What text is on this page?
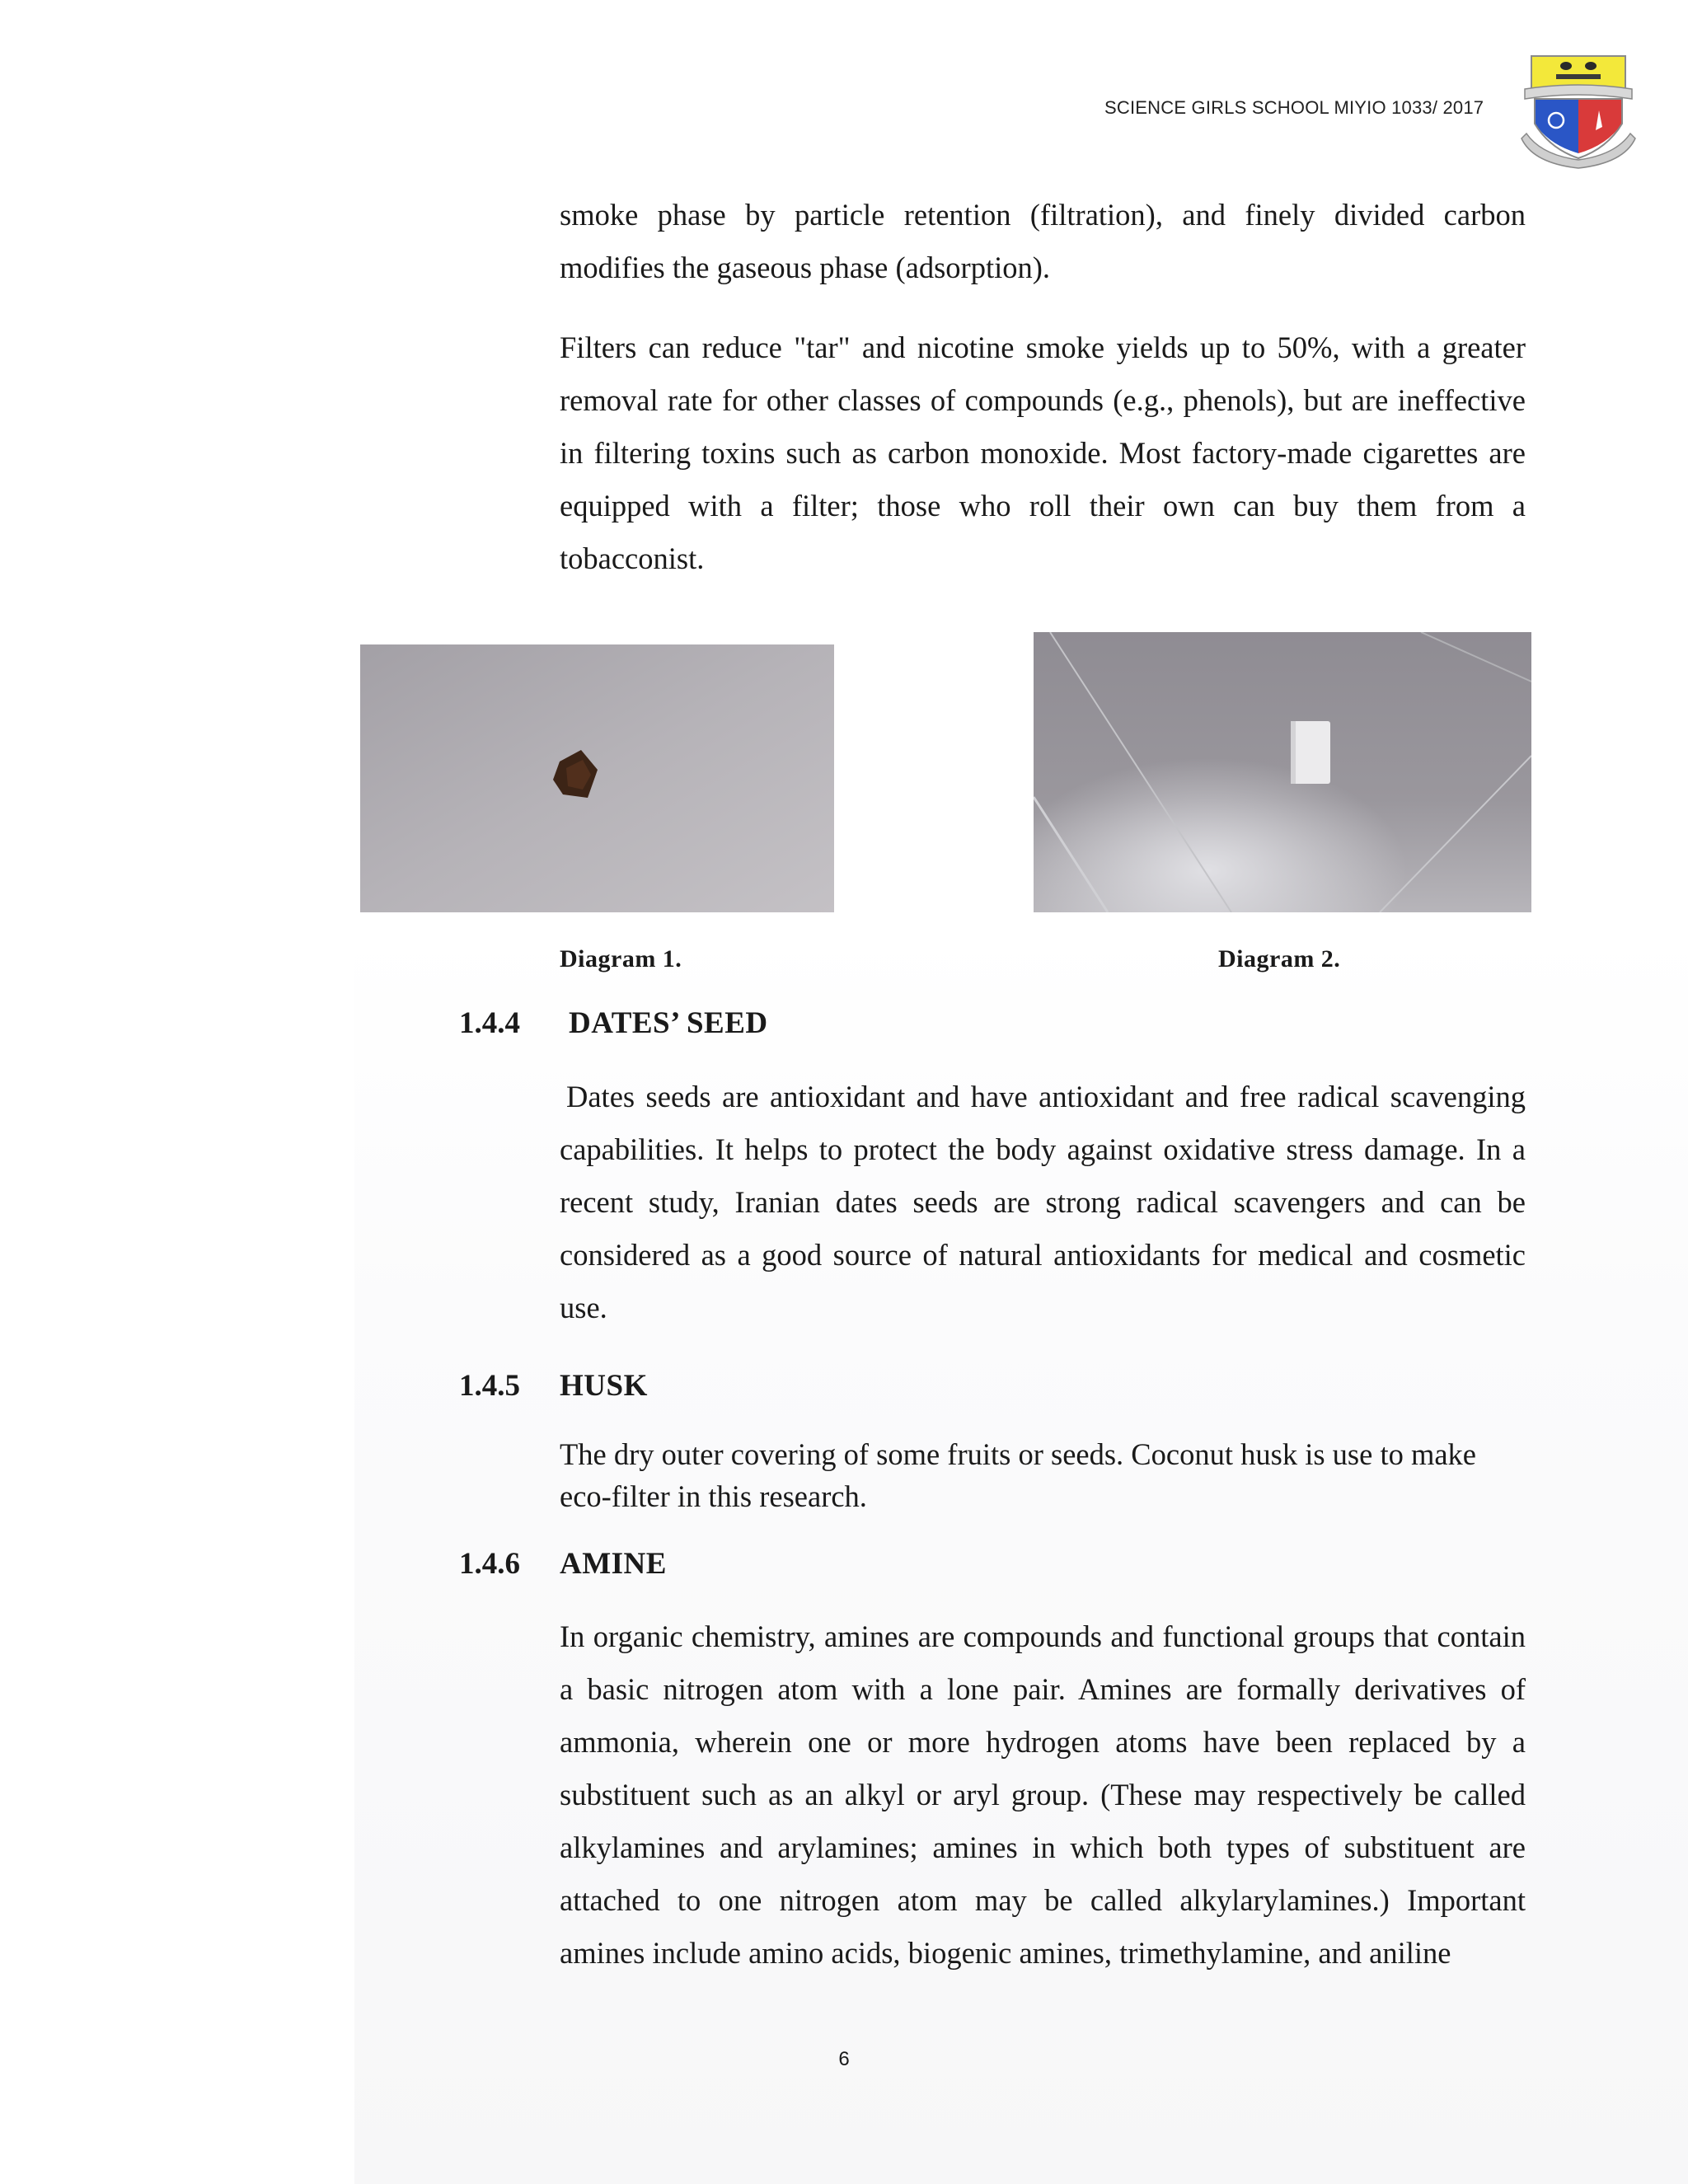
SCIENCE GIRLS SCHOOL MIYIO 1033/ 2017
smoke phase by particle retention (filtration), and finely divided carbon modifies the gaseous phase (adsorption).
Filters can reduce "tar" and nicotine smoke yields up to 50%, with a greater removal rate for other classes of compounds (e.g., phenols), but are ineffective in filtering toxins such as carbon monoxide. Most factory-made cigarettes are equipped with a filter; those who roll their own can buy them from a tobacconist.
Diagram 1.	Diagram 2.
1.4.4 DATES’ SEED
Dates seeds are antioxidant and have antioxidant and free radical scavenging capabilities. It helps to protect the body against oxidative stress damage. In a recent study, Iranian dates seeds are strong radical scavengers and can be considered as a good source of natural antioxidants for medical and cosmetic use.
1.4.5 HUSK
The dry outer covering of some fruits or seeds. Coconut husk is use to make eco-filter in this research.
1.4.6 AMINE
In organic chemistry, amines are compounds and functional groups that contain a basic nitrogen atom with a lone pair. Amines are formally derivatives of ammonia, wherein one or more hydrogen atoms have been replaced by a substituent such as an alkyl or aryl group. (These may respectively be called alkylamines and arylamines; amines in which both types of substituent are attached to one nitrogen atom may be called alkylarylamines.) Important amines include amino acids, biogenic amines, trimethylamine, and aniline
6
